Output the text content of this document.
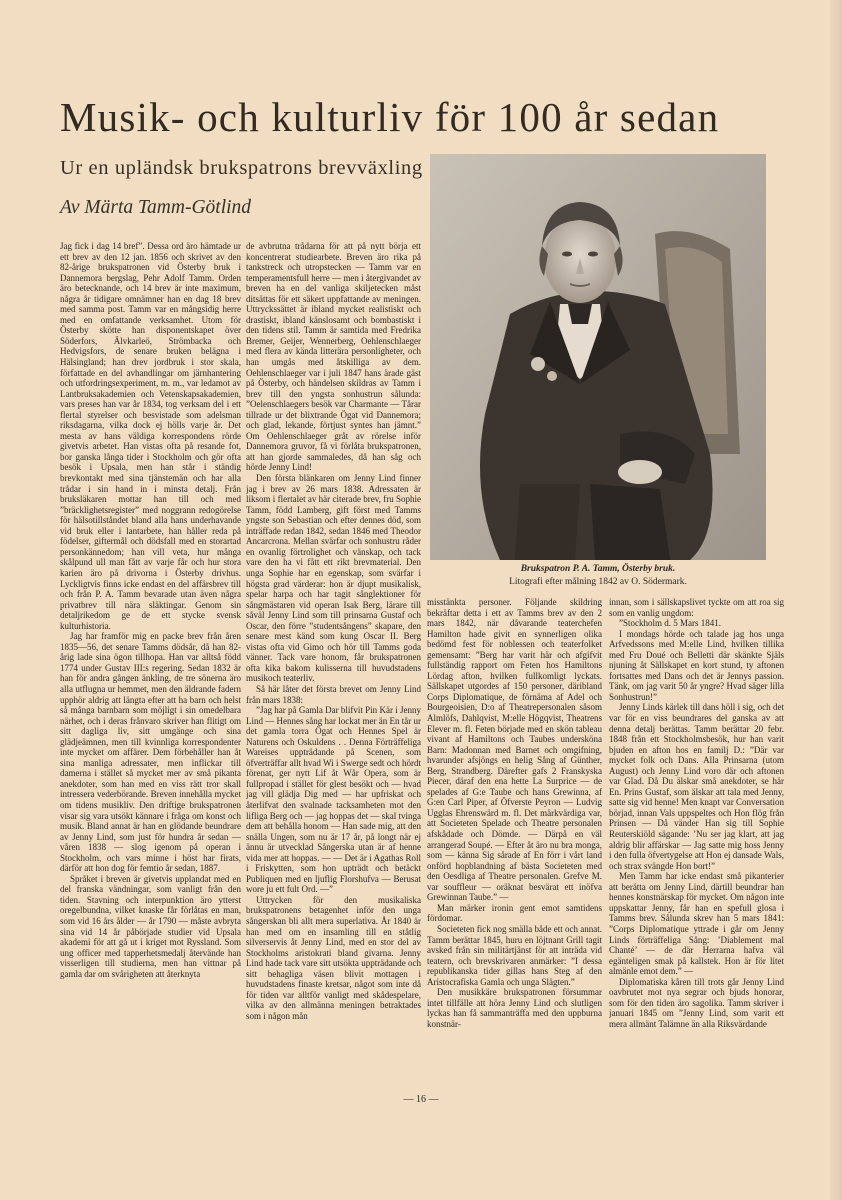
Musik- och kulturliv för 100 år sedan
Ur en upländsk brukspatrons brevväxling
Av Märta Tamm-Götlind

Jag fick i dag 14 bref”. Dessa ord äro hämtade ur ett brev av den 12 jan. 1856 och skrivet av den 82-årige brukspatronen vid Österby bruk i Dannemora bergslag, Pehr Adolf Tamm. Orden äro betecknande, och 14 brev är inte maximum, några år tidigare omnämner han en dag 18 brev med samma post. Tamm var en mångsidig herre med en omfattande verksamhet. Utom för Österby skötte han disponentskapet över Söderfors, Älvkarleö, Strömbacka och Hedvigsfors, de senare bruken belägna i Hälsingland; han drev jordbruk i stor skala, författade en del avhandlingar om järnhantering och utfordringsexperiment, m. m., var ledamot av Lantbruksakademien och Vetenskapsakademien, vars preses han var år 1834, tog verksam del i ett flertal styrelser och besvistade som adelsman riksdagarna, vilka dock ej hölls varje år. Det mesta av hans väldiga korrespondens rörde givetvis arbetet. Han vistas ofta på resande fot, bor ganska långa tider i Stockholm och gör ofta besök i Upsala, men han står i ständig brevkontakt med sina tjänstemän och har alla trådar i sin hand in i minsta detalj. Från bruksläkaren mottar han till och med ”bräcklighetsregister” med noggrann redogörelse för hälsotillståndet bland alla hans underhavande vid bruk eller i lantarbete, han håller reda på födelser, giftermål och dödsfall med en storartad personkännedom; han vill veta, hur många skålpund ull man fått av varje får och hur stora karien äro på drivorna i Österby drivhus. Lyckligtvis finns icke endast en del affärsbrev till och från P. A. Tamm bevarade utan även några privatbrev till nära släktingar. Genom sin detaljrikedom ge de ett stycke svensk kulturhistoria.

Jag har framför mig en packe brev från åren 1835—56, det senare Tamms dödsår, då han 82-årig lade sina ögon tillhopa. Han var alltså född 1774 under Gustav III:s regering. Sedan 1832 är han för andra gången änkling, de tre sönerna äro alla utflugna ur hemmet, men den äldrande fadern upphör aldrig att längta efter att ha barn och helst så många barnbarn som möjligt i sin omedelbara närhet, och i deras frånvaro skriver han flitigt om sitt dagliga liv, sitt umgänge och sina glädjeämnen, men till kvinnliga korrespondenter inte mycket om affärer. Dem förbehåller han åt sina manliga adressater, men inflickar till damerna i stället så mycket mer av små pikanta anekdoter, som han med en viss rätt tror skall intressera vederbörande. Breven innehålla mycket om tidens musikliv. Den driftige brukspatronen visar sig vara utsökt kännare i fråga om konst och musik. Bland annat är han en glödande beundrare av Jenny Lind, som just för hundra år sedan — våren 1838 — slog igenom på operan i Stockholm, och vars minne i höst har firats, därför att hon dog för femtio år sedan, 1887.

Språket i breven är givetvis upplandat med en del franska vändningar, som vanligt från den tiden. Stavning och interpunktion äro ytterst oregelbundna, vilket knaske får förlåtas en man, som vid 16 års ålder — år 1790 — måste avbryta sina vid 14 år påbörjade studier vid Upsala akademi för att gå ut i kriget mot Ryssland. Som ung officer med tapperhetsmedalj återvände han visserligen till studierna, men han vittnar på gamla dar om svårigheten att återknyta

de avbrutna trådarna för att på nytt börja ett koncentrerat studiearbete. Breven äro rika på tankstreck och utropstecken — Tamm var en temperamentsfull herre — men i återgivandet av breven ha en del vanliga skiljetecken måst ditsättas för ett säkert uppfattande av meningen. Uttryckssättet är ibland mycket realistiskt och drastiskt, ibland känslosamt och bombastiskt i den tidens stil. Tamm är samtida med Fredrika Bremer, Geijer, Wennerberg, Oehlenschlaeger med flera av kända litterära personligheter, och han umgås med åtskilliga av dem. Oehlenschlaeger var i juli 1847 hans ärade gäst på Österby, och händelsen skildras av Tamm i brev till den yngsta sonhustrun sålunda: ”Oelenschlaegers besök var Charmante — Tårar tillrade ur det blixtrande Ögat vid Dannemora; och glad, lekande, förtjust syntes han jämnt.” Om Oehlenschlaeger gråt av rörelse inför Dannemora gruvor, få vi förlåta brukspatronen, att han gjorde sammaledes, då han såg och hörde Jenny Lind!

Den första blänkaren om Jenny Lind finner jag i brev av 26 mars 1838. Adressaten är liksom i flertalet av här citerade brev, fru Sophie Tamm, född Lamberg, gift först med Tamms yngste son Sebastian och efter dennes död, som inträffade redan 1842, sedan 1846 med Theodor Ancarcrona. Mellan svärfar och sonhustru råder en ovanlig förtrolighet och vänskap, och tack vare den ha vi fått ett rikt brevmaterial. Den unga Sophie har en egenskap, som svärfar i högsta grad värderar: hon är djupt musikalisk, spelar harpa och har tagit sånglektioner för sångmästaren vid operan Isak Berg, lärare till såväl Jenny Lind som till prinsarna Gustaf och Oscar, den förre ”studentsångens” skapare, den senare mest känd som kung Oscar II. Berg vistas ofta vid Gimo och hör till Tamms goda vänner. Tack vare honom, får brukspatronen ofta kika bakom kulisserna till huvudstadens musikoch teaterliv.

Så här låter det första brevet om Jenny Lind från mars 1838:

”Jag har på Gamla Dar blifvit Pin Kär i Jenny Lind — Hennes sång har lockat mer än En tår ur det gamla torra Ögat och Hennes Spel är Naturens och Oskuldens . . Denna Förträffeliga Wareises uppträdande på Scenen, som öfverträffar allt hvad Wi i Swerge sedt och hördt förenat, ger nytt Lif åt Wår Opera, som är fullpropad i stället för glest besökt och — hvad jag vill glädja Dig med — har upfriskat och återlifvat den svalnade tacksamheten mot den lifliga Berg och — jag hoppas det — skal tvinga dem att behålla honom — Han sade mig, att den snälla Ungen, som nu är 17 år, på longt när ej ännu är utvecklad Sångerska utan är af henne vida mer att hoppas. — — Det är i Agathas Roll i Friskytten, som hon upträdt och betäckt Publiquen med en ljuflig Florshufva — Berusat wore ju ett fult Ord. —”

Uttrycken för den musikaliska brukspatronens betagenhet inför den unga sångerskan bli allt mera superlativa. År 1840 är han med om en insamling till en ståtlig silverservis åt Jenny Lind, med en stor del av Stockholms aristokrati bland givarna. Jenny Lind hade tack vare sitt utsökta uppträdande och sitt behagliga väsen blivit mottagen i huvudstadens finaste kretsar, något som inte då för tiden var alltför vanligt med skådespelare, vilka av den allmänna meningen betraktades som i någon mån

Brukspatron P. A. Tamm, Österby bruk.
Litografi efter målning 1842 av O. Södermark.

misstänkta personer. Följande skildring bekräftar detta i ett av Tamms brev av den 2 mars 1842, när dåvarande teaterchefen Hamilton hade givit en synnerligen olika bedömd fest för noblessen och teaterfolket gemensamt: ”Berg har varit här och afgifvit fullständig rapport om Feten hos Hamiltons Lördag afton, hvilken fullkomligt lyckats. Sällskapet utgordes af 150 personer, däribland Corps Diplomatique, de förnäma af Adel och Bourgeoisien, D:o af Theatrepersonalen såsom Almlöfs, Dahlqvist, M:elle Högqvist, Theatrens Elever m. fl. Feten började med en skön tableau vivant af Hamiltons och Taubes underskönа Barn: Madonnan med Barnet och omgifning, hvarunder afsjöngs en helig Sång af Günther, Berg, Strandberg. Därefter gafs 2 Franskyska Piecer, däraf den ena hette La Surprice — de spelades af G:e Taube och hans Grewinna, af G:en Carl Piper, af Öfverste Peyron — Ludvig Ugglas Ehrenswärd m. fl. Det märkvärdiga var, att Societeten Spelade och Theatre personalen afskådade och Dömde. — Därpå en väl arrangerad Soupé. — Efter åt äro nu bra monga, som — känna Sig sårade af En förr i vårt land onförd hopblandning af bästa Societeten med den Oesdliga af Theatre personalen. Grefve M. var souffleur — oräknat besvärat ett inöfva Grewinnan Taube.” —

Man märker ironin gent emot samtidens fördomar.

Societeten fick nog smälla både ett och annat. Tamm berättar 1845, huru en löjtnant Grill tagit avsked från sin militärtjänst för att inträda vid teatern, och brevskrivaren anmärker: ”I dessa republikanska tider gillas hans Steg af den Aristocrafiska Gamla och unga Slägten.”

Den musikkäre brukspatronen försummar intet tillfälle att höra Jenny Lind och slutligen lyckas han få sammanträffa med den uppburna konstnär-

innan, som i sällskapslivet tyckte om att roa sig som en vanlig ungdom:

”Stockholm d. 5 Mars 1841.

I mondags hörde och talade jag hos unga Arfvedssons med M:elle Lind, hvilken tillika med Fru Doué och Belletti där skänkte Själs njuning åt Sällskapet en kort stund, ty aftonen fortsattes med Dans och det är Jennys passion. Tänk, om jag varit 50 år yngre? Hvad säger lilla Sonhustrun!”

Jenny Linds kärlek till dans höll i sig, och det var för en viss beundrares del ganska av att denna detalj berättas. Tamm berättar 20 febr. 1848 från ett Stockholmsbesök, hur han varit bjuden en afton hos en familj D.: ”Där var mycket folk och Dans. Alla Prinsarna (utom August) och Jenny Lind voro där och aftonen var Glad. Då Du älskar små anekdoter, se här En. Prins Gustaf, som älskar att tala med Jenny, satte sig vid henne! Men knapt var Conversation börjad, innan Vals uppspeltes och Hon flög från Prinsen — Då vänder Han sig till Sophie Reuterskiöld sägande: ’Nu ser jag klart, att jag aldrig blir affärskar — Jag satte mig hoss Jenny i den fulla öfvertygelse att Hon ej dansade Wals, och strax svängde Hon bort!”

Men Tamm har icke endast små pikanterier att berätta om Jenny Lind, därtill beundrar han hennes konstnärskap för mycket. Om någon inte uppskattar Jenny, får han en spefull glosa i Tamms brev. Sålunda skrev han 5 mars 1841: ”Corps Diplomatique yttrade i går om Jenny Linds förträffeliga Sång: ’Diablement mal Chanté’ — de där Herrarna hafva väl egänteligen smak på kallstek. Hon är för litet almänle emot dem.” —

Diplomatiska kåren till trots går Jenny Lind oavbrutet mot nya segrar och bjuds honorar, som för den tiden äro sagolika. Tamm skriver i januari 1845 om ”Jenny Lind, som varit ett mera allmänt Talämne än alla Riksvärdande

— 16 —
